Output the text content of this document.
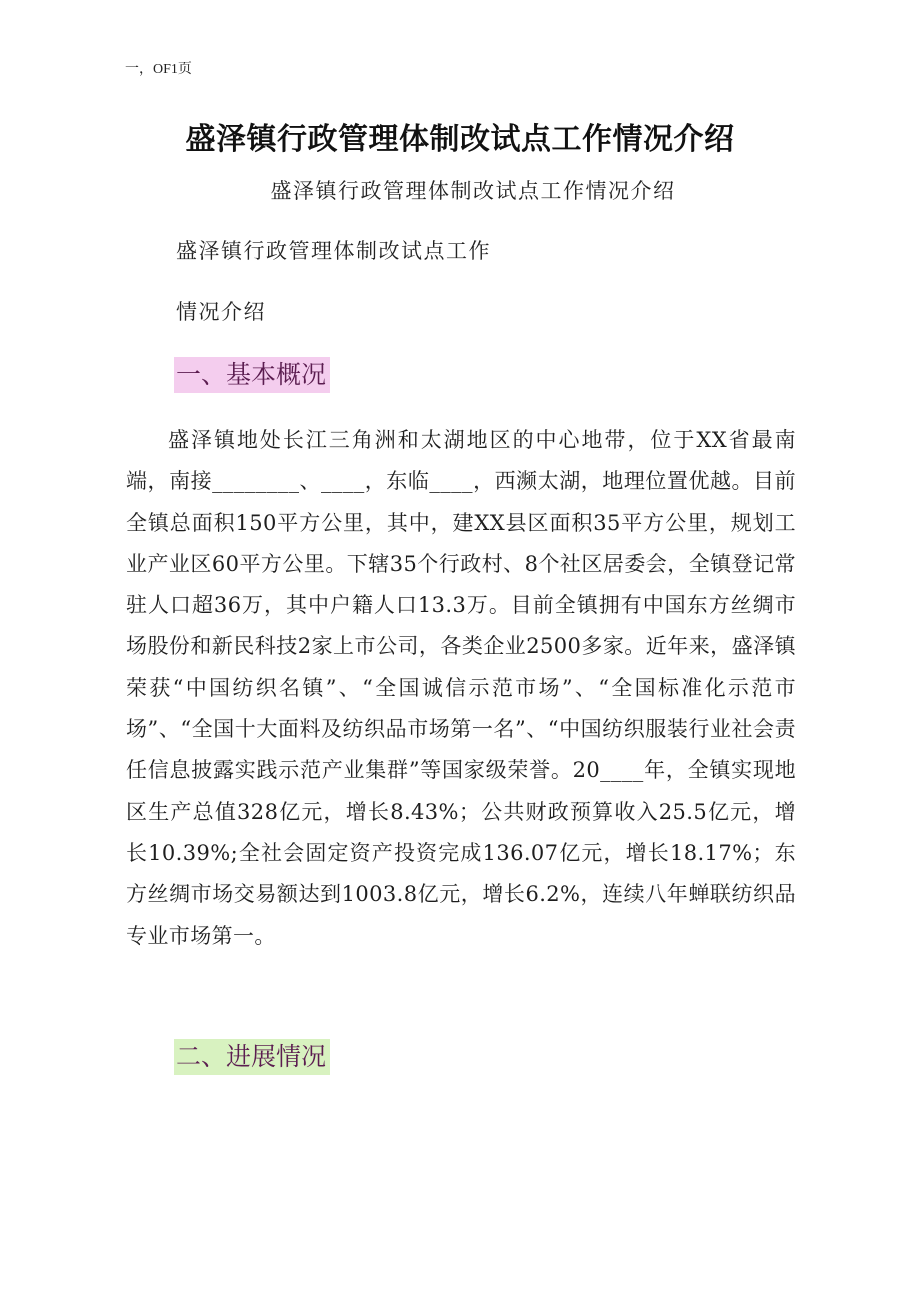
一，OF1页
盛泽镇行政管理体制改试点工作情况介绍
盛泽镇行政管理体制改试点工作情况介绍
盛泽镇行政管理体制改试点工作
情况介绍
一、基本概况
盛泽镇地处长江三角洲和太湖地区的中心地带，位于XX省最南端，南接________、____，东临____，西濒太湖，地理位置优越。目前全镇总面积150平方公里，其中，建XX县区面积35平方公里，规划工业产业区60平方公里。下辖35个行政村、8个社区居委会，全镇登记常驻人口超36万，其中户籍人口13.3万。目前全镇拥有中国东方丝绸市场股份和新民科技2家上市公司，各类企业2500多家。近年来，盛泽镇荣获“中国纺织名镇”、“全国诚信示范市场”、“全国标准化示范市场”、“全国十大面料及纺织品市场第一名”、“中国纺织服装行业社会责任信息披露实践示范产业集群”等国家级荣誉。20____年，全镇实现地区生产总值328亿元，增长8.43%；公共财政预算收入25.5亿元，增长10.39%;全社会固定资产投资完成136.07亿元，增长18.17%；东方丝绸市场交易额达到1003.8亿元，增长6.2%，连续八年蝉联纺织品专业市场第一。
二、进展情况
